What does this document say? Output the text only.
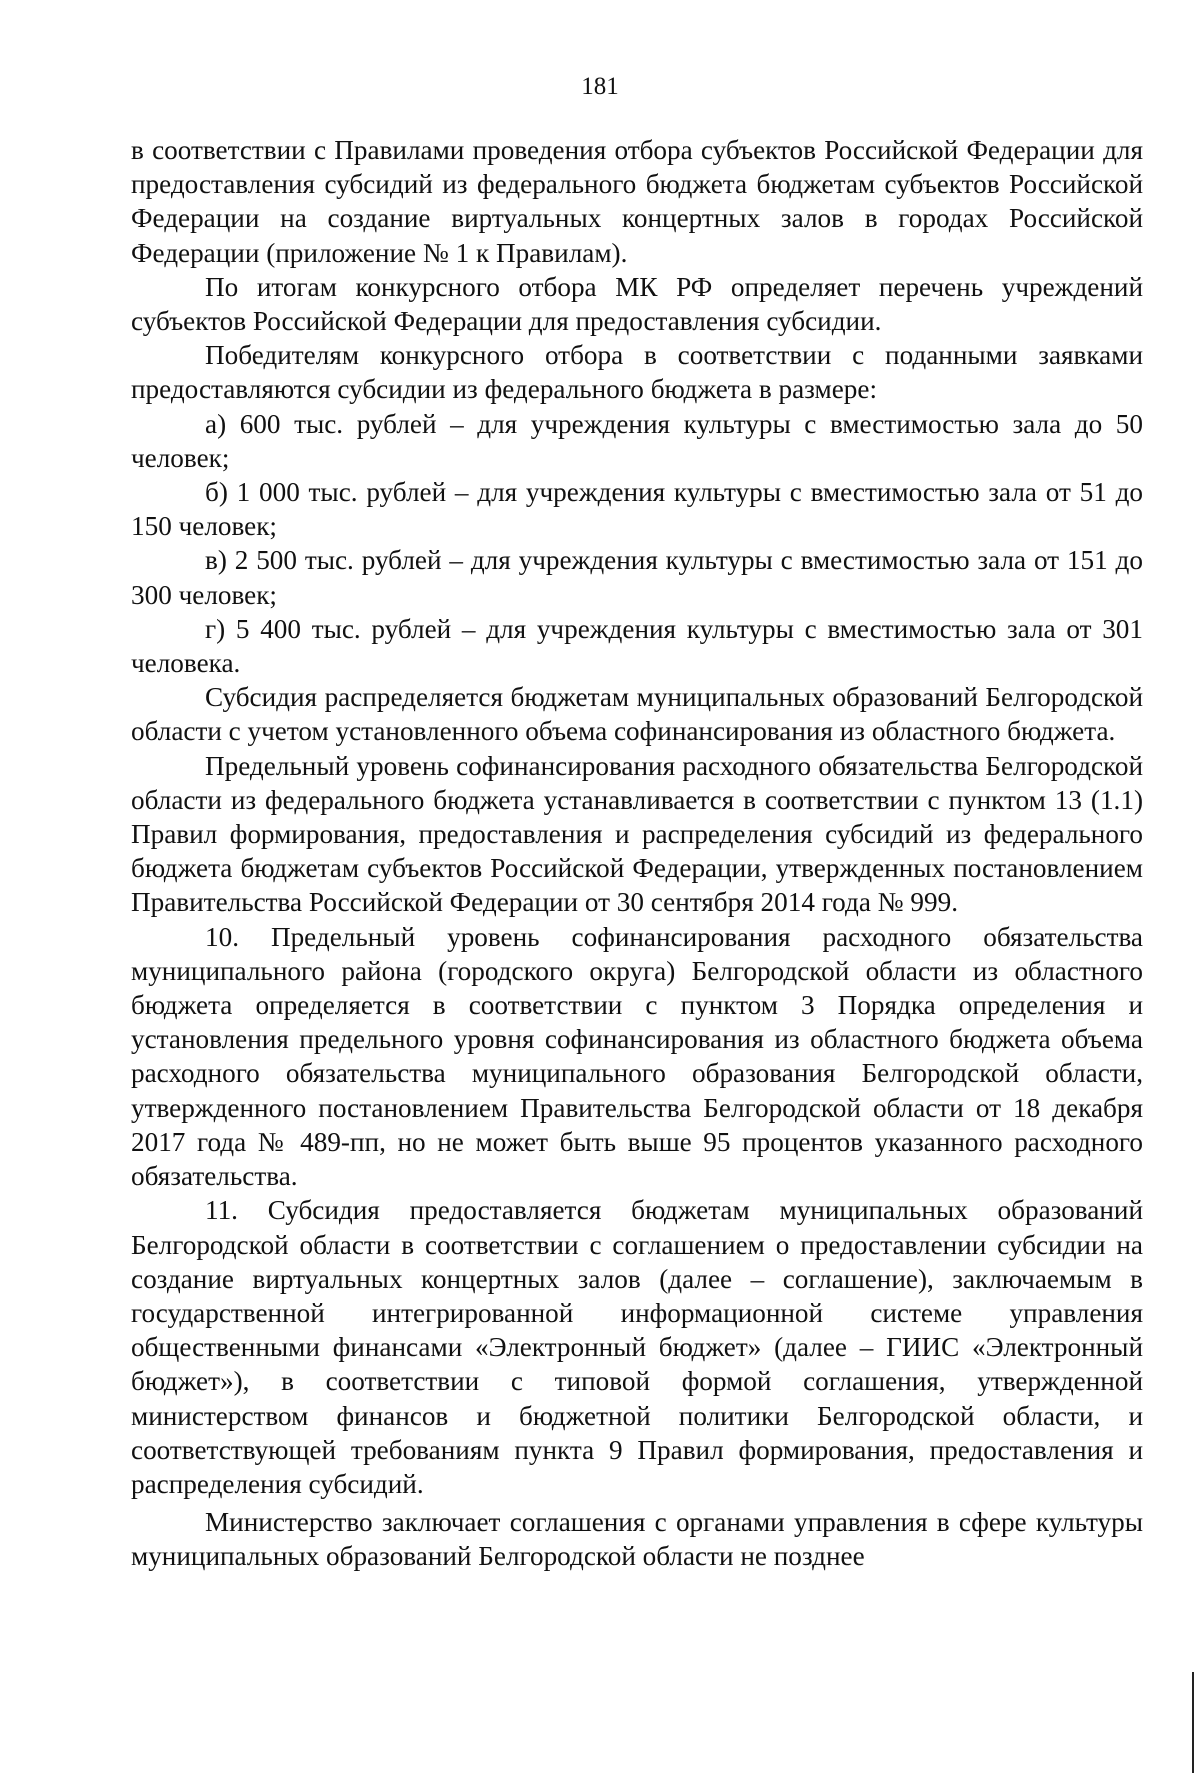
181

в соответствии с Правилами проведения отбора субъектов Российской Федерации для предоставления субсидий из федерального бюджета бюджетам субъектов Российской Федерации на создание виртуальных концертных залов в городах Российской Федерации (приложение № 1 к Правилам).

По итогам конкурсного отбора МК РФ определяет перечень учреждений субъектов Российской Федерации для предоставления субсидии.

Победителям конкурсного отбора в соответствии с поданными заявками предоставляются субсидии из федерального бюджета в размере:

а) 600 тыс. рублей – для учреждения культуры с вместимостью зала до 50 человек;

б) 1 000 тыс. рублей – для учреждения культуры с вместимостью зала от 51 до 150 человек;

в) 2 500 тыс. рублей – для учреждения культуры с вместимостью зала от 151 до 300 человек;

г) 5 400 тыс. рублей – для учреждения культуры с вместимостью зала от 301 человека.

Субсидия распределяется бюджетам муниципальных образований Белгородской области с учетом установленного объема софинансирования из областного бюджета.

Предельный уровень софинансирования расходного обязательства Белгородской области из федерального бюджета устанавливается в соответствии с пунктом 13 (1.1) Правил формирования, предоставления и распределения субсидий из федерального бюджета бюджетам субъектов Российской Федерации, утвержденных постановлением Правительства Российской Федерации от 30 сентября 2014 года № 999.

10. Предельный уровень софинансирования расходного обязательства муниципального района (городского округа) Белгородской области из областного бюджета определяется в соответствии с пунктом 3 Порядка определения и установления предельного уровня софинансирования из областного бюджета объема расходного обязательства муниципального образования Белгородской области, утвержденного постановлением Правительства Белгородской области от 18 декабря 2017 года № 489-пп, но не может быть выше 95 процентов указанного расходного обязательства.

11. Субсидия предоставляется бюджетам муниципальных образований Белгородской области в соответствии с соглашением о предоставлении субсидии на создание виртуальных концертных залов (далее – соглашение), заключаемым в государственной интегрированной информационной системе управления общественными финансами «Электронный бюджет» (далее – ГИИС «Электронный бюджет»), в соответствии с типовой формой соглашения, утвержденной министерством финансов и бюджетной политики Белгородской области, и соответствующей требованиям пункта 9 Правил формирования, предоставления и распределения субсидий.

Министерство заключает соглашения с органами управления в сфере культуры муниципальных образований Белгородской области не позднее
